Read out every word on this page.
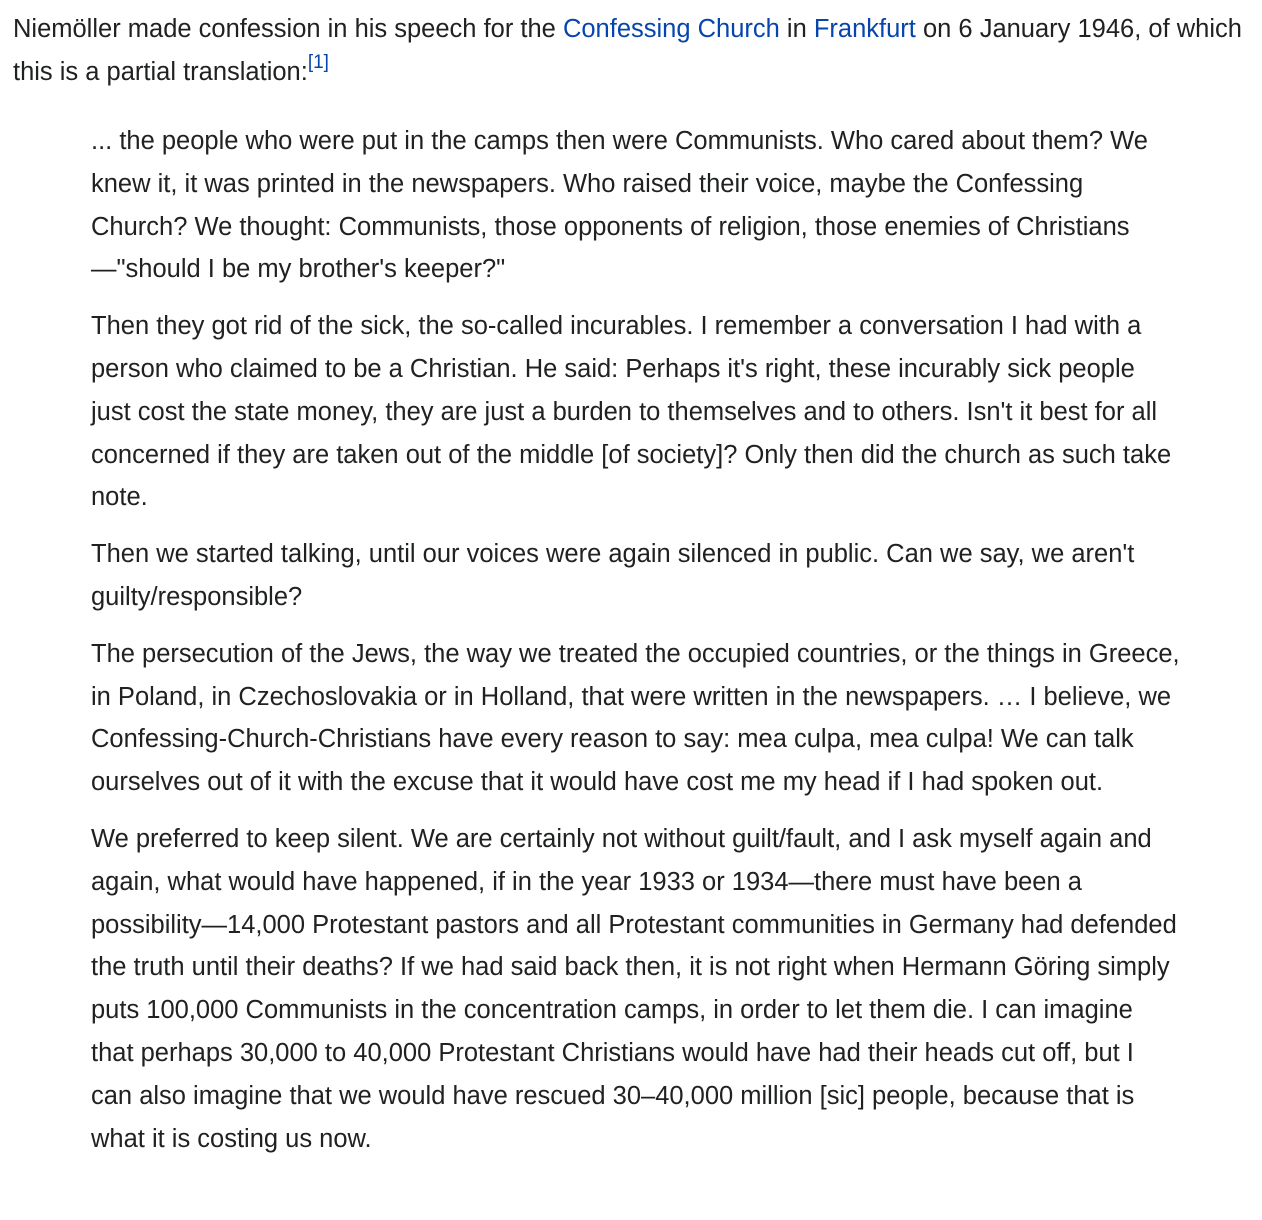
Niemöller made confession in his speech for the Confessing Church in Frankfurt on 6 January 1946, of which this is a partial translation:[1]

... the people who were put in the camps then were Communists. Who cared about them? We knew it, it was printed in the newspapers. Who raised their voice, maybe the Confessing Church? We thought: Communists, those opponents of religion, those enemies of Christians—"should I be my brother's keeper?"

Then they got rid of the sick, the so-called incurables. I remember a conversation I had with a person who claimed to be a Christian. He said: Perhaps it's right, these incurably sick people just cost the state money, they are just a burden to themselves and to others. Isn't it best for all concerned if they are taken out of the middle [of society]? Only then did the church as such take note.

Then we started talking, until our voices were again silenced in public. Can we say, we aren't guilty/responsible?

The persecution of the Jews, the way we treated the occupied countries, or the things in Greece, in Poland, in Czechoslovakia or in Holland, that were written in the newspapers. … I believe, we Confessing-Church-Christians have every reason to say: mea culpa, mea culpa! We can talk ourselves out of it with the excuse that it would have cost me my head if I had spoken out.

We preferred to keep silent. We are certainly not without guilt/fault, and I ask myself again and again, what would have happened, if in the year 1933 or 1934—there must have been a possibility—14,000 Protestant pastors and all Protestant communities in Germany had defended the truth until their deaths? If we had said back then, it is not right when Hermann Göring simply puts 100,000 Communists in the concentration camps, in order to let them die. I can imagine that perhaps 30,000 to 40,000 Protestant Christians would have had their heads cut off, but I can also imagine that we would have rescued 30–40,000 million [sic] people, because that is what it is costing us now.
